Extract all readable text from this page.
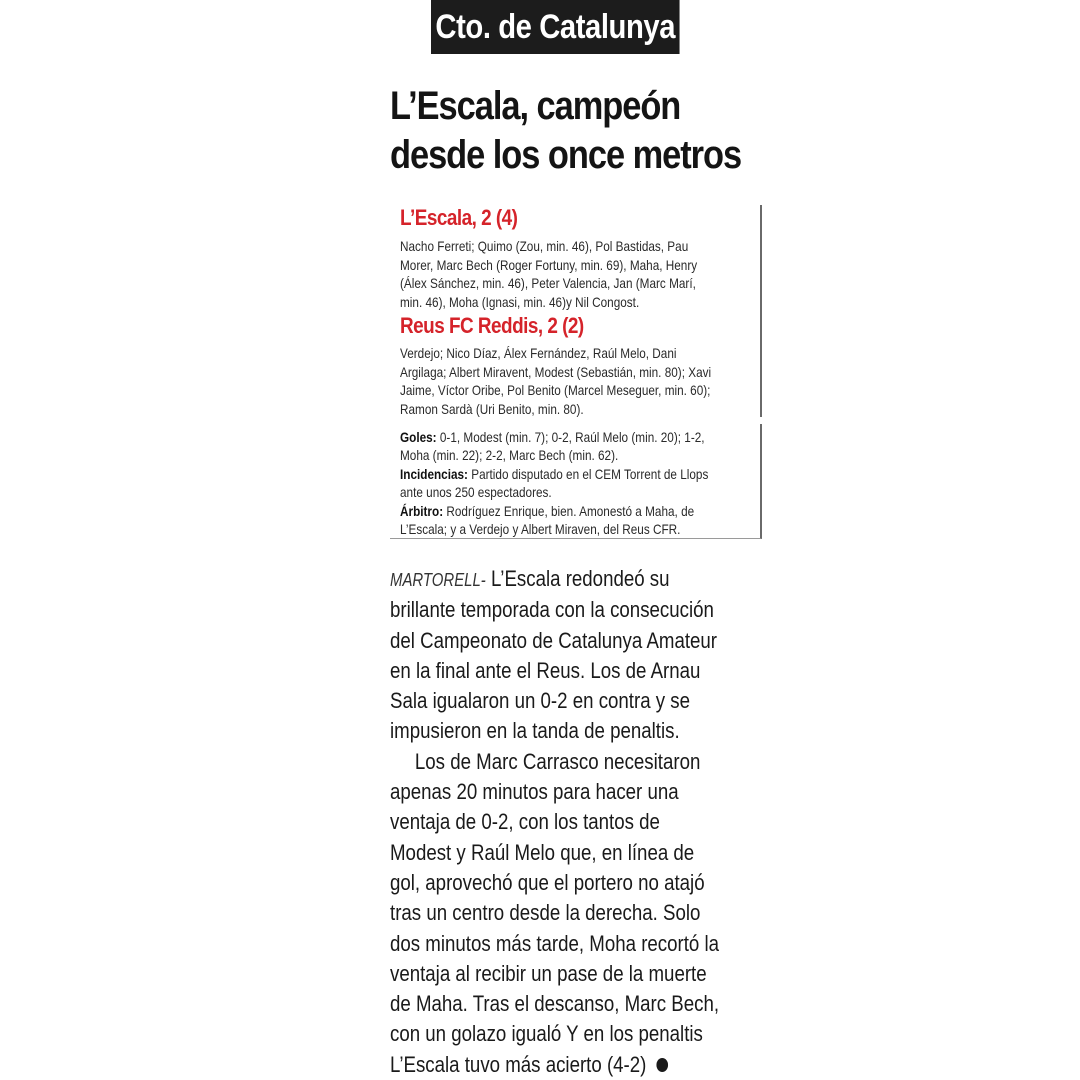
Cto. de Catalunya
L’Escala, campeón
desde los once metros
L’Escala, 2 (4)
Nacho Ferreti; Quimo (Zou, min. 46), Pol Bastidas, Pau
Morer, Marc Bech (Roger Fortuny, min. 69), Maha, Henry
(Álex Sánchez, min. 46), Peter Valencia, Jan (Marc Marí,
min. 46), Moha (Ignasi, min. 46)y Nil Congost.
Reus FC Reddis, 2 (2)
Verdejo; Nico Díaz, Álex Fernández, Raúl Melo, Dani
Argilaga; Albert Miravent, Modest (Sebastián, min. 80); Xavi
Jaime, Víctor Oribe, Pol Benito (Marcel Meseguer, min. 60);
Ramon Sardà (Uri Benito, min. 80).
Goles: 0-1, Modest (min. 7); 0-2, Raúl Melo (min. 20); 1-2,
Moha (min. 22); 2-2, Marc Bech (min. 62).
Incidencias: Partido disputado en el CEM Torrent de Llops
ante unos 250 espectadores.
Árbitro: Rodríguez Enrique, bien. Amonestó a Maha, de
L’Escala; y a Verdejo y Albert Miraven, del Reus CFR.
MARTORELL- L’Escala redondeó su
brillante temporada con la consecución
del Campeonato de Catalunya Amateur
en la final ante el Reus. Los de Arnau
Sala igualaron un 0-2 en contra y se
impusieron en la tanda de penaltis.
Los de Marc Carrasco necesitaron
apenas 20 minutos para hacer una
ventaja de 0-2, con los tantos de
Modest y Raúl Melo que, en línea de
gol, aprovechó que el portero no atajó
tras un centro desde la derecha. Solo
dos minutos más tarde, Moha recortó la
ventaja al recibir un pase de la muerte
de Maha. Tras el descanso, Marc Bech,
con un golazo igualó Y en los penaltis
L’Escala tuvo más acierto (4-2)
